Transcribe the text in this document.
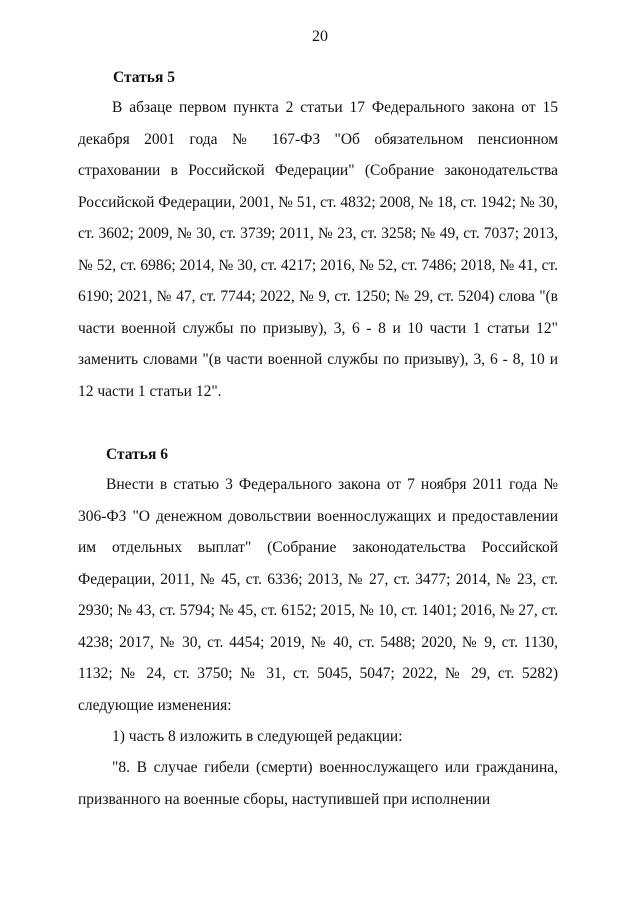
20
Статья 5
В абзаце первом пункта 2 статьи 17 Федерального закона от 15 декабря 2001 года № 167-ФЗ "Об обязательном пенсионном страховании в Российской Федерации" (Собрание законодательства Российской Федерации, 2001, № 51, ст. 4832; 2008, № 18, ст. 1942; № 30, ст. 3602; 2009, № 30, ст. 3739; 2011, № 23, ст. 3258; № 49, ст. 7037; 2013, № 52, ст. 6986; 2014, № 30, ст. 4217; 2016, № 52, ст. 7486; 2018, № 41, ст. 6190; 2021, № 47, ст. 7744; 2022, № 9, ст. 1250; № 29, ст. 5204) слова "(в части военной службы по призыву), 3, 6 - 8 и 10 части 1 статьи 12" заменить словами "(в части военной службы по призыву), 3, 6 - 8, 10 и 12 части 1 статьи 12".
Статья 6
Внести в статью 3 Федерального закона от 7 ноября 2011 года № 306-ФЗ "О денежном довольствии военнослужащих и предоставлении им отдельных выплат" (Собрание законодательства Российской Федерации, 2011, № 45, ст. 6336; 2013, № 27, ст. 3477; 2014, № 23, ст. 2930; № 43, ст. 5794; № 45, ст. 6152; 2015, № 10, ст. 1401; 2016, № 27, ст. 4238; 2017, № 30, ст. 4454; 2019, № 40, ст. 5488; 2020, № 9, ст. 1130, 1132; № 24, ст. 3750; № 31, ст. 5045, 5047; 2022, № 29, ст. 5282) следующие изменения:
1) часть 8 изложить в следующей редакции:
"8. В случае гибели (смерти) военнослужащего или гражданина, призванного на военные сборы, наступившей при исполнении
